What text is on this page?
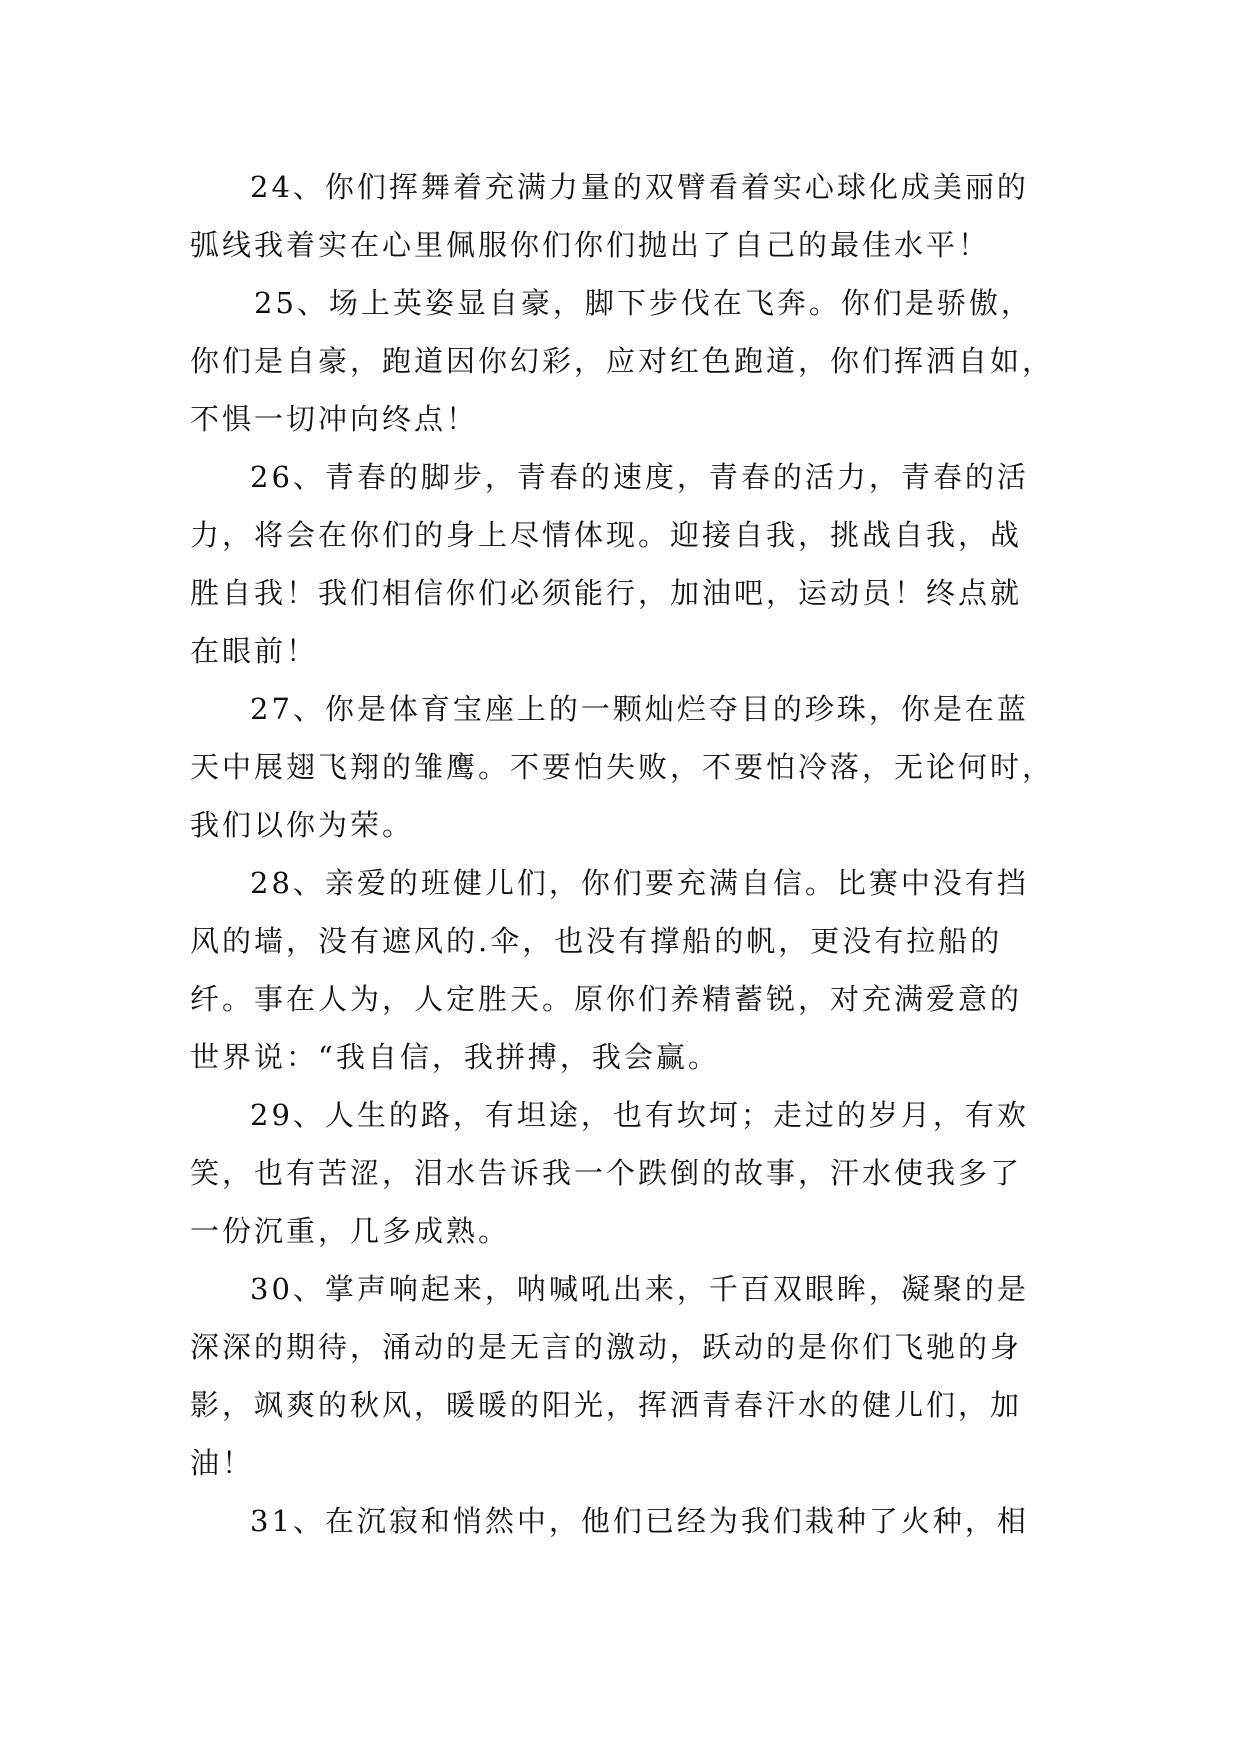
24、你们挥舞着充满力量的双臂看着实心球化成美丽的
弧线我着实在心里佩服你们你们抛出了自己的最佳水平！
25、场上英姿显自豪，脚下步伐在飞奔。你们是骄傲，
你们是自豪，跑道因你幻彩，应对红色跑道，你们挥洒自如，
不惧一切冲向终点！
26、青春的脚步，青春的速度，青春的活力，青春的活
力，将会在你们的身上尽情体现。迎接自我，挑战自我，战
胜自我！我们相信你们必须能行，加油吧，运动员！终点就
在眼前！
27、你是体育宝座上的一颗灿烂夺目的珍珠，你是在蓝
天中展翅飞翔的雏鹰。不要怕失败，不要怕冷落，无论何时，
我们以你为荣。
28、亲爱的班健儿们，你们要充满自信。比赛中没有挡
风的墙，没有遮风的.伞，也没有撑船的帆，更没有拉船的
纤。事在人为，人定胜天。原你们养精蓄锐，对充满爱意的
世界说：“我自信，我拼搏，我会赢。
29、人生的路，有坦途，也有坎坷；走过的岁月，有欢
笑，也有苦涩，泪水告诉我一个跌倒的故事，汗水使我多了
一份沉重，几多成熟。
30、掌声响起来，呐喊吼出来，千百双眼眸，凝聚的是
深深的期待，涌动的是无言的激动，跃动的是你们飞驰的身
影，飒爽的秋风，暖暖的阳光，挥洒青春汗水的健儿们，加
油！
31、在沉寂和悄然中，他们已经为我们栽种了火种，相
